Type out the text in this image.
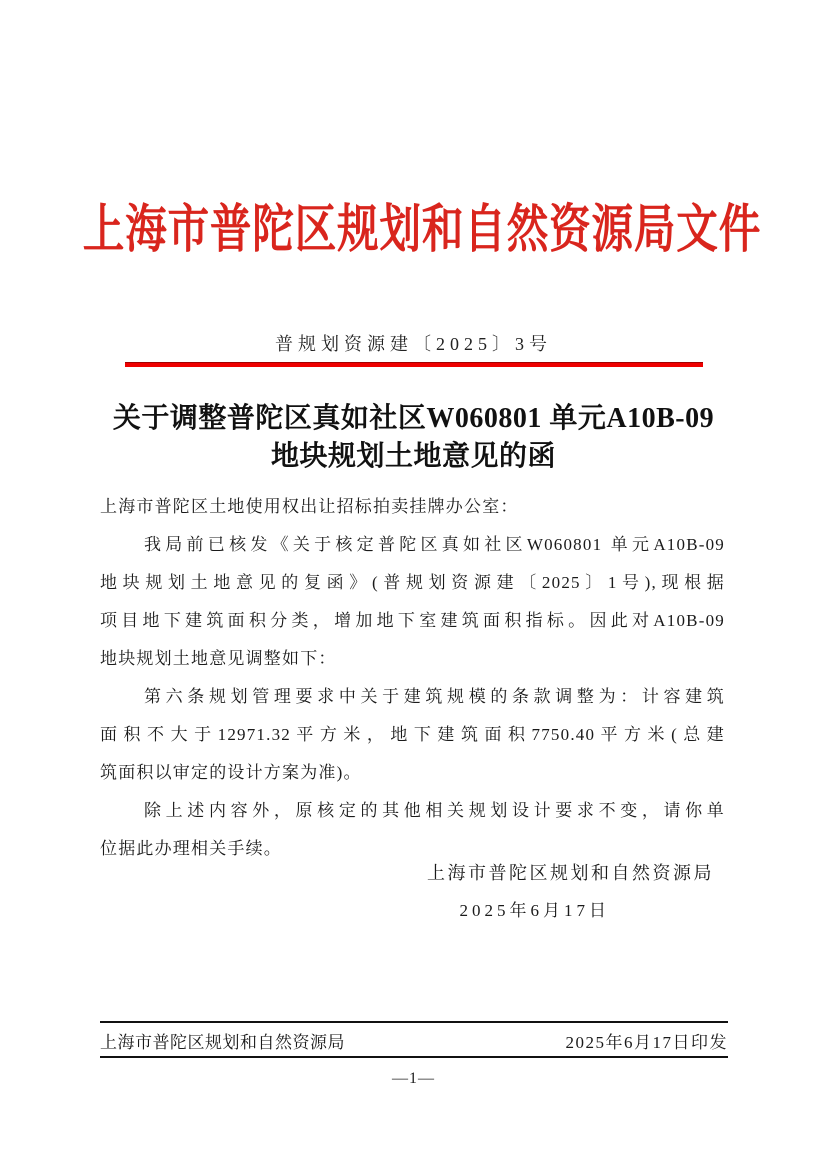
上海市普陀区规划和自然资源局文件
普规划资源建〔2025〕3号
关于调整普陀区真如社区W060801 单元A10B-09
地块规划土地意见的函
上海市普陀区土地使用权出让招标拍卖挂牌办公室：
我局前已核发《关于核定普陀区真如社区W060801 单元A10B-09
地块规划土地意见的复函》(普规划资源建〔2025〕1号),现根据
项目地下建筑面积分类，增加地下室建筑面积指标。因此对A10B-09
地块规划土地意见调整如下：
第六条规划管理要求中关于建筑规模的条款调整为：计容建筑
面积不大于12971.32平方米，地下建筑面积7750.40平方米(总建
筑面积以审定的设计方案为准)。
除上述内容外，原核定的其他相关规划设计要求不变，请你单
位据此办理相关手续。
上海市普陀区规划和自然资源局
2025年6月17日
上海市普陀区规划和自然资源局	2025年6月17日印发
—1—
